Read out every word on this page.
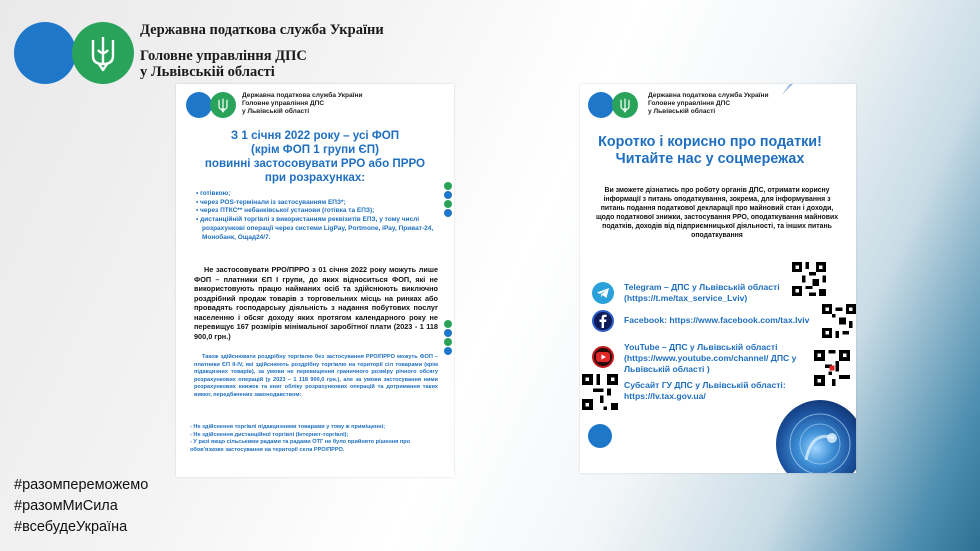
Державна податкова служба України
Головне управління ДПС
у Львівській області
Державна податкова служба України
Головне управління ДПС
у Львівській області
З 1 січня 2022 року – усі ФОП
(крім ФОП 1 групи ЄП)
повинні застосовувати РРО або ПРРО
при розрахунках:
• готівкою;
• через POS-термінали із застосуванням ЕПЗ*;
• через ПТКС** небанківської установи (готівка та ЕПЗ);
• дистанційній торгівлі з використанням реквізитів ЕПЗ, у тому числі розрахункові операції через системи LigPay, Portmone, iPay, Приват-24, Монобанк, Ощад24/7.
Не застосовувати РРО/ПРРО з 01 січня 2022 року можуть лише ФОП – платники ЄП І групи, до яких відноситься ФОП, які не використовують працю найманих осіб та здійснюють виключно роздрібний продаж товарів з торговельних місць на ринках або провадять господарську діяльність з надання побутових послуг населенню і обсяг доходу яких протягом календарного року не перевищує 167 розмірів мінімальної заробітної плати (2023 - 1 118 900,0 грн.)
Також здійснювати роздрібну торгівлю без застосування РРО/ПРРО можуть ФОП – платники ЄП ІІ-ІV, які здійснюють роздрібну торгівлю на території сіл товарами (крім підакцизних товарів), за умови не перевищення граничного розміру річного обсягу розрахункових операцій (у 2023 – 1 118 900,0 грн.), але за умови застосування ними розрахункових книжок та книг обліку розрахункових операцій та дотримання таких вимог, передбачених законодавством:
- Не здійснення торгівлі підакцизними товарами у тому ж приміщенні;
- Не здійснення дистанційної торгівлі (Інтернет-торгівлі);
- У разі якщо сільськими радами та радами ОТГ не було прийнято рішення про обов'язкове застосування на території села РРО/ПРРО.
Державна податкова служба України
Головне управління ДПС
у Львівській області
Коротко і корисно про податки!
Читайте нас у соцмережах
Ви зможете дізнатись про роботу органів ДПС, отримати корисну інформації з питань оподаткування, зокрема, для інформування з питань подання податкової декларації про майновий стан і доходи, щодо податкової знижки, застосування РРО, оподаткування майнових податків, доходів від підприємницької діяльності, та інших питань оподаткування
Telegram – ДПС у Львівській області (https://t.me/tax_service_Lviv)
Facebook: https://www.facebook.com/tax.lviv
YouTube – ДПС у Львівській області (https://www.youtube.com/channel/ ДПС у Львівській області )
Субсайт ГУ ДПС у Львівській області: https://lv.tax.gov.ua/
#разомпереможемо
#разомМиСила
#всебудеУкраїна
